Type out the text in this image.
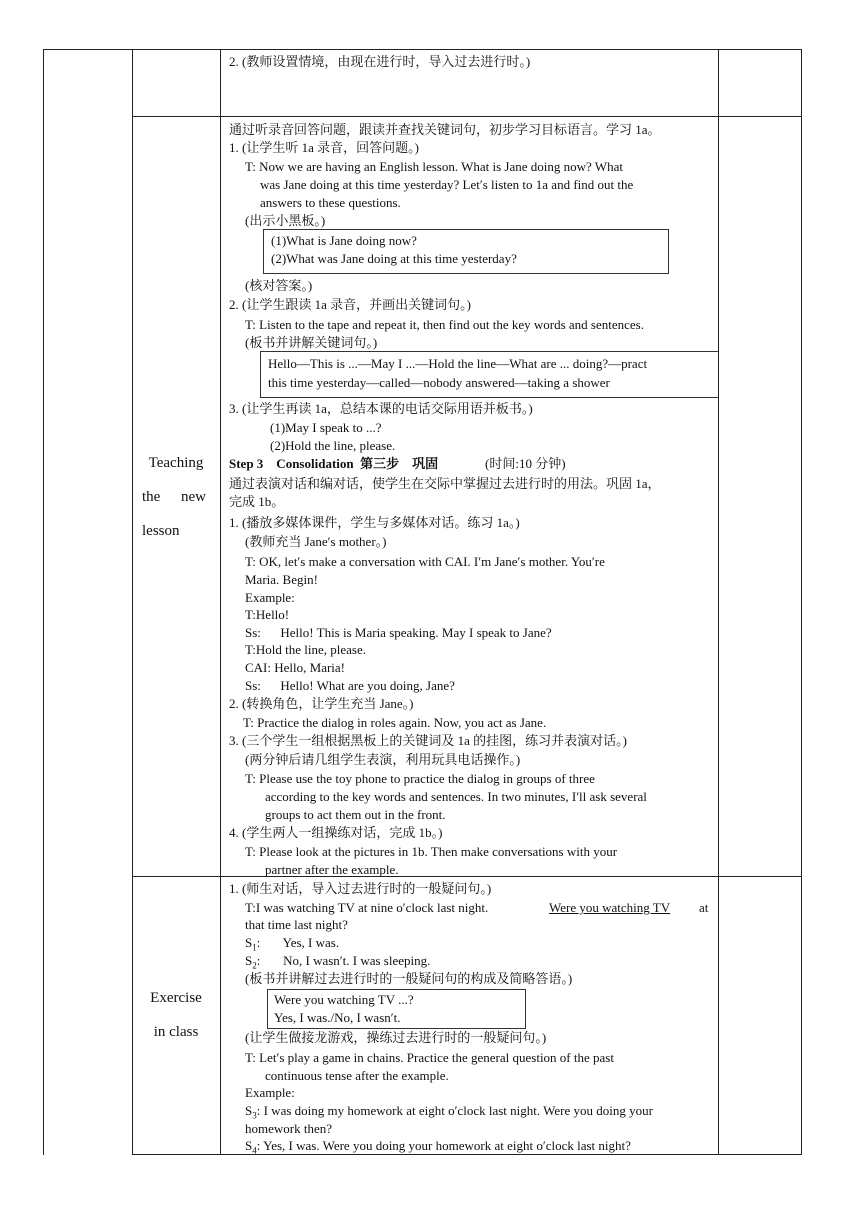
2. (教师设置情境，由现在进行时，导入过去进行时。)
Teaching
the new
lesson
通过听录音回答问题，跟读并查找关键词句，初步学习目标语言。学习 1a。
1. (让学生听 1a 录音，回答问题。)
T: Now we are having an English lesson. What is Jane doing now? What
was Jane doing at this time yesterday? Let′s listen to 1a and find out the
answers to these questions.
(出示小黑板。)
(1)What is Jane doing now?
(2)What was Jane doing at this time yesterday?
(核对答案。)
2. (让学生跟读 1a 录音，并画出关键词句。)
T: Listen to the tape and repeat it, then find out the key words and sentences.
(板书并讲解关键词句。)
Hello—This is ...—May I ...—Hold the line—What are ... doing?—pract
this time yesterday—called—nobody answered—taking a shower
3. (让学生再读 1a，总结本课的电话交际用语并板书。)
(1)May I speak to ...?
(2)Hold the line, please.
Step 3    Consolidation  第三步    巩固	(时间:10 分钟)
通过表演对话和编对话，使学生在交际中掌握过去进行时的用法。巩固 1a，
完成 1b。
1. (播放多媒体课件，学生与多媒体对话。练习 1a。)
(教师充当 Jane′s mother。)
T: OK, let′s make a conversation with CAI. I′m Jane′s mother. You′re
Maria. Begin!
Example:
T:Hello!
Ss:      Hello! This is Maria speaking. May I speak to Jane?
T:Hold the line, please.
CAI: Hello, Maria!
Ss:      Hello! What are you doing, Jane?
2. (转换角色，让学生充当 Jane。)
T: Practice the dialog in roles again. Now, you act as Jane.
3. (三个学生一组根据黑板上的关键词及 1a 的挂图，练习并表演对话。)
(两分钟后请几组学生表演，利用玩具电话操作。)
T: Please use the toy phone to practice the dialog in groups of three
according to the key words and sentences. In two minutes, I′ll ask several
groups to act them out in the front.
4. (学生两人一组操练对话，完成 1b。)
T: Please look at the pictures in 1b. Then make conversations with your
partner after the example.
Exercise
in class
1. (师生对话，导入过去进行时的一般疑问句。)
T:I was watching TV at nine o′clock last night.	Were you watching TV at
that time last night?
$S_1$:       Yes, I was.
$S_2$:       No, I wasn′t. I was sleeping.
(板书并讲解过去进行时的一般疑问句的构成及简略答语。)
Were you watching TV ...?
Yes, I was./No, I wasn′t.
(让学生做接龙游戏，操练过去进行时的一般疑问句。)
T: Let′s play a game in chains. Practice the general question of the past
continuous tense after the example.
Example:
$S_3$: I was doing my homework at eight o′clock last night. Were you doing your
homework then?
$S_4$: Yes, I was. Were you doing your homework at eight o′clock last night?
